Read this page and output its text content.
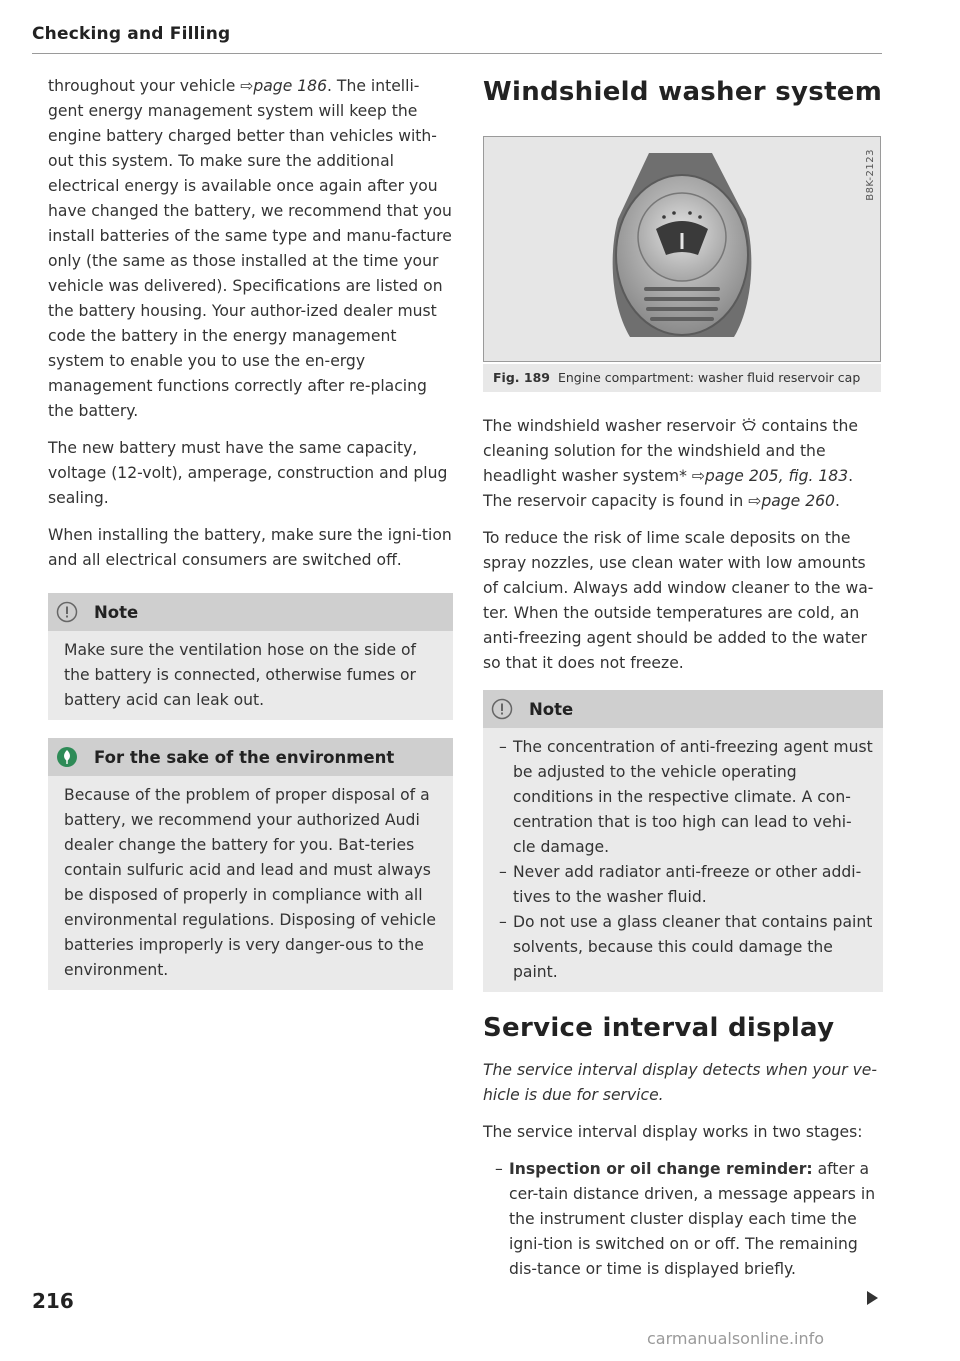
Checking and Filling

throughout your vehicle ⇨page 186. The intelli-gent energy management system will keep the engine battery charged better than vehicles with-out this system. To make sure the additional electrical energy is available once again after you have changed the battery, we recommend that you install batteries of the same type and manu-facture only (the same as those installed at the time your vehicle was delivered). Specifications are listed on the battery housing. Your author-ized dealer must code the battery in the energy management system to enable you to use the en-ergy management functions correctly after re-placing the battery.

The new battery must have the same capacity, voltage (12-volt), amperage, construction and plug sealing.

When installing the battery, make sure the igni-tion and all electrical consumers are switched off.

Note
Make sure the ventilation hose on the side of the battery is connected, otherwise fumes or battery acid can leak out.
For the sake of the environment
Because of the problem of proper disposal of a battery, we recommend your authorized Audi dealer change the battery for you. Bat-teries contain sulfuric acid and lead and must always be disposed of properly in compliance with all environmental regulations. Disposing of vehicle batteries improperly is very danger-ous to the environment.
Windshield washer system
B8K-2123
Fig. 189 Engine compartment: washer fluid reservoir cap

The windshield washer reservoir  contains the cleaning solution for the windshield and the headlight washer system* ⇨page 205, fig. 183. The reservoir capacity is found in ⇨page 260.

To reduce the risk of lime scale deposits on the spray nozzles, use clean water with low amounts of calcium. Always add window cleaner to the wa-ter. When the outside temperatures are cold, an anti-freezing agent should be added to the water so that it does not freeze.

Note
– The concentration of anti-freezing agent must be adjusted to the vehicle operating conditions in the respective climate. A con-centration that is too high can lead to vehi-cle damage.
– Never add radiator anti-freeze or other addi-tives to the washer fluid.
– Do not use a glass cleaner that contains paint solvents, because this could damage the paint.
Service interval display

The service interval display detects when your ve-hicle is due for service.

The service interval display works in two stages:

– Inspection or oil change reminder: after a cer-tain distance driven, a message appears in the instrument cluster display each time the igni-tion is switched on or off. The remaining dis-tance or time is displayed briefly.
216
carmanualsonline.info
